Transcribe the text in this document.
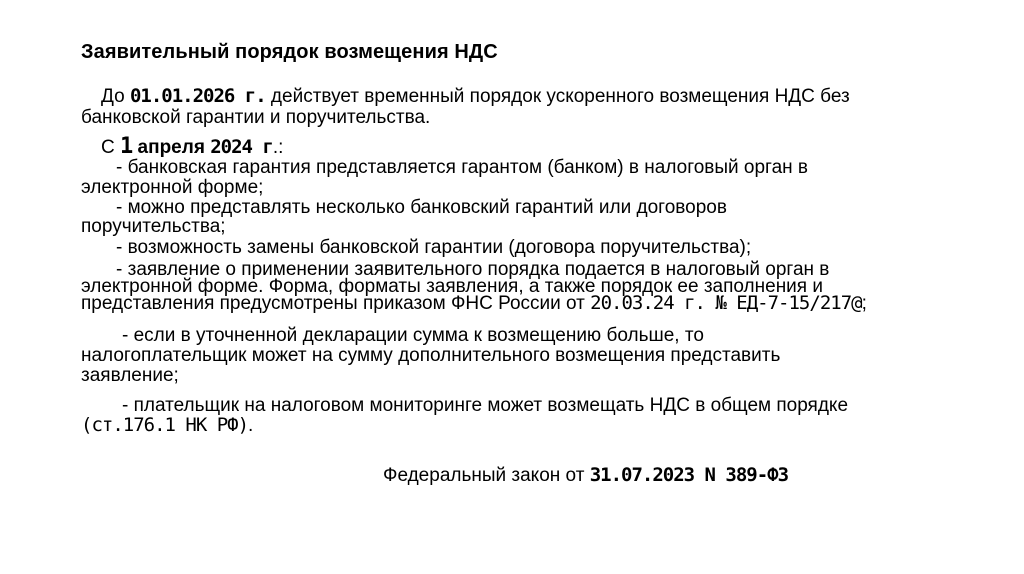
Заявительный порядок возмещения НДС
До 01.01.2026 г. действует временный порядок ускоренного возмещения НДС без
банковской гарантии и поручительства.
С 1 апреля 2024 г.:
- банковская гарантия представляется гарантом (банком) в налоговый орган в
электронной форме;
- можно представлять несколько банковский гарантий или договоров
поручительства;
- возможность замены банковской гарантии (договора поручительства);
- заявление о применении заявительного порядка подается в налоговый орган в
электронной форме. Форма, форматы заявления, а также порядок ее заполнения и
представления предусмотрены приказом ФНС России от 20.03.24 г. № ЕД-7-15/217@;
- если в уточненной декларации сумма к возмещению больше, то
налогоплательщик может на сумму дополнительного возмещения представить
заявление;
- плательщик на налоговом мониторинге может возмещать НДС в общем порядке
(ст.176.1 НК РФ).
Федеральный закон от 31.07.2023 N 389-ФЗ
